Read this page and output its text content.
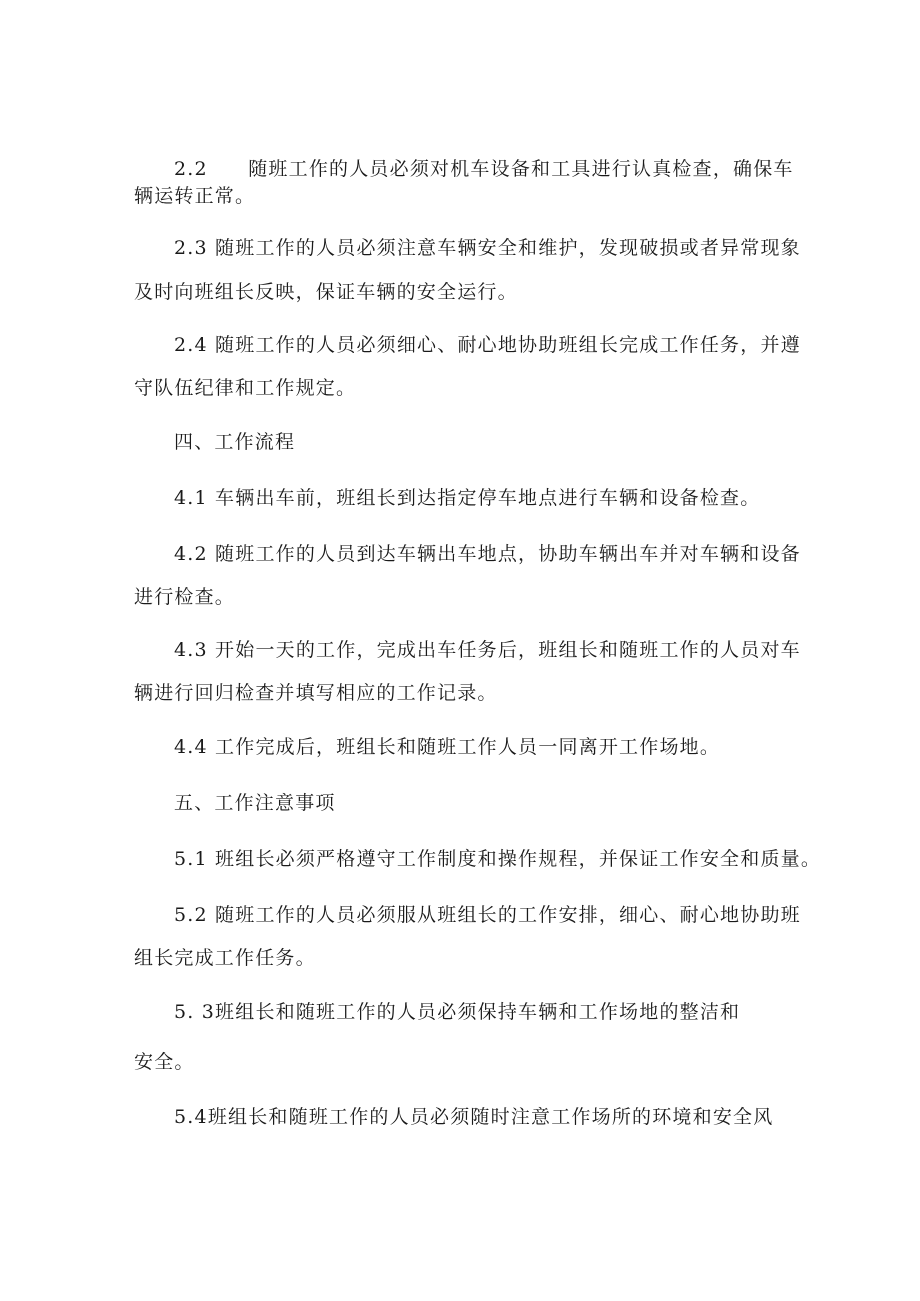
2.2　　随班工作的人员必须对机车设备和工具进行认真检查，确保车
辆运转正常。
2.3 随班工作的人员必须注意车辆安全和维护，发现破损或者异常现象
及时向班组长反映，保证车辆的安全运行。
2.4 随班工作的人员必须细心、耐心地协助班组长完成工作任务，并遵
守队伍纪律和工作规定。
四、工作流程
4.1 车辆出车前，班组长到达指定停车地点进行车辆和设备检查。
4.2 随班工作的人员到达车辆出车地点，协助车辆出车并对车辆和设备
进行检查。
4.3 开始一天的工作，完成出车任务后，班组长和随班工作的人员对车
辆进行回归检查并填写相应的工作记录。
4.4 工作完成后，班组长和随班工作人员一同离开工作场地。
五、工作注意事项
5.1 班组长必须严格遵守工作制度和操作规程，并保证工作安全和质量。
5.2 随班工作的人员必须服从班组长的工作安排，细心、耐心地协助班
组长完成工作任务。
5. 3班组长和随班工作的人员必须保持车辆和工作场地的整洁和
安全。
5.4班组长和随班工作的人员必须随时注意工作场所的环境和安全风
